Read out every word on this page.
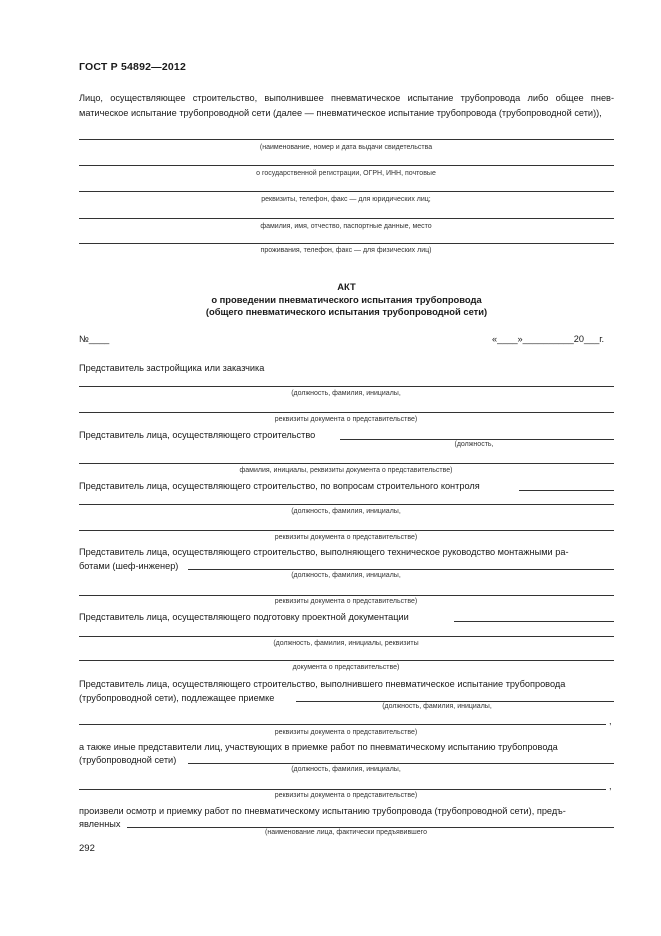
ГОСТ Р 54892—2012
Лицо, осуществляющее строительство, выполнившее пневматическое испытание трубопровода либо общее пнев-матическое испытание трубопроводной сети (далее — пневматическое испытание трубопровода (трубопроводной сети)),
(наименование, номер и дата выдачи свидетельства
о государственной регистрации, ОГРН, ИНН, почтовые
реквизиты, телефон, факс — для юридических лиц;
фамилия, имя, отчество, паспортные данные, место
проживания, телефон, факс — для физических лиц)
АКТ
о проведении пневматического испытания трубопровода
(общего пневматического испытания трубопроводной сети)
№____	«____»__________20___г.
Представитель застройщика или заказчика
(должность, фамилия, инициалы,
реквизиты документа о представительстве)
Представитель лица, осуществляющего строительство
(должность,
фамилия, инициалы, реквизиты документа о представительстве)
Представитель лица, осуществляющего строительство, по вопросам строительного контроля
(должность, фамилия, инициалы,
реквизиты документа о представительстве)
Представитель лица, осуществляющего строительство, выполняющего техническое руководство монтажными ра-
ботами (шеф-инженер)
(должность, фамилия, инициалы,
реквизиты документа о представительстве)
Представитель лица, осуществляющего подготовку проектной документации
(должность, фамилия, инициалы, реквизиты
документа о представительстве)
Представитель лица, осуществляющего строительство, выполнившего пневматическое испытание трубопровода
(трубопроводной сети), подлежащее приемке
(должность, фамилия, инициалы,
,
реквизиты документа о представительстве)
а также иные представители лиц, участвующих в приемке работ по пневматическому испытанию трубопровода
(трубопроводной сети)
(должность, фамилия, инициалы,
,
реквизиты документа о представительстве)
произвели осмотр и приемку работ по пневматическому испытанию трубопровода (трубопроводной сети), предъ-
явленных
(наименование лица, фактически предъявившего
292
